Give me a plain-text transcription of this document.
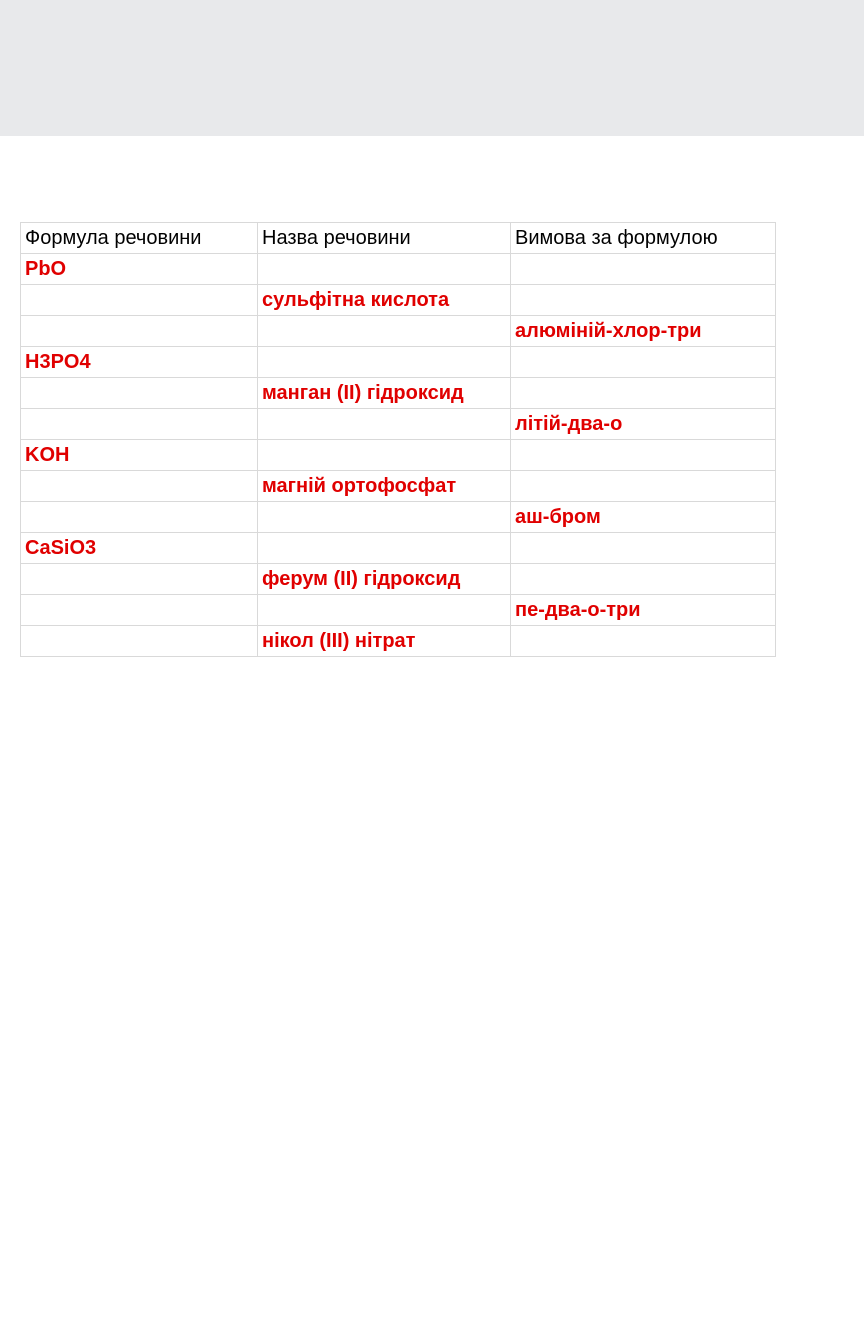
Формула речовини	Назва речовини	Вимова за формулою
PbO		
	сульфітна кислота	
		алюміній-хлор-три
H3PO4		
	манган (II) гідроксид	
		літій-два-о
KOH		
	магній ортофосфат	
		аш-бром
CaSiO3		
	ферум (II) гідроксид	
		пе-два-о-три
	нікол (III) нітрат	
